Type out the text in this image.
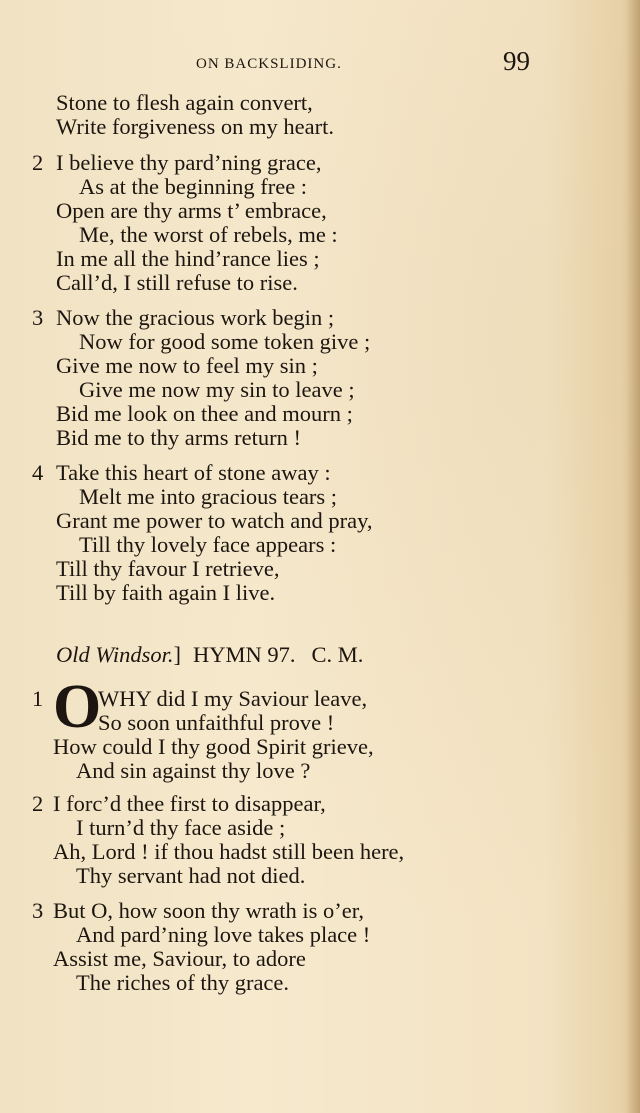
ON BACKSLIDING.	99
Stone to flesh again convert,
Write forgiveness on my heart.
2 I believe thy pard’ning grace,
As at the beginning free :
Open are thy arms t’ embrace,
Me, the worst of rebels, me :
In me all the hind’rance lies ;
Call’d, I still refuse to rise.
3 Now the gracious work begin ;
Now for good some token give ;
Give me now to feel my sin ;
Give me now my sin to leave ;
Bid me look on thee and mourn ;
Bid me to thy arms return !
4 Take this heart of stone away :
Melt me into gracious tears ;
Grant me power to watch and pray,
Till thy lovely face appears :
Till thy favour I retrieve,
Till by faith again I live.
Old Windsor.] HYMN 97. C. M.
1 O
WHY did I my Saviour leave,
So soon unfaithful prove !
How could I thy good Spirit grieve,
And sin against thy love ?
2 I forc’d thee first to disappear,
I turn’d thy face aside ;
Ah, Lord ! if thou hadst still been here,
Thy servant had not died.
3 But O, how soon thy wrath is o’er,
And pard’ning love takes place !
Assist me, Saviour, to adore
The riches of thy grace.
